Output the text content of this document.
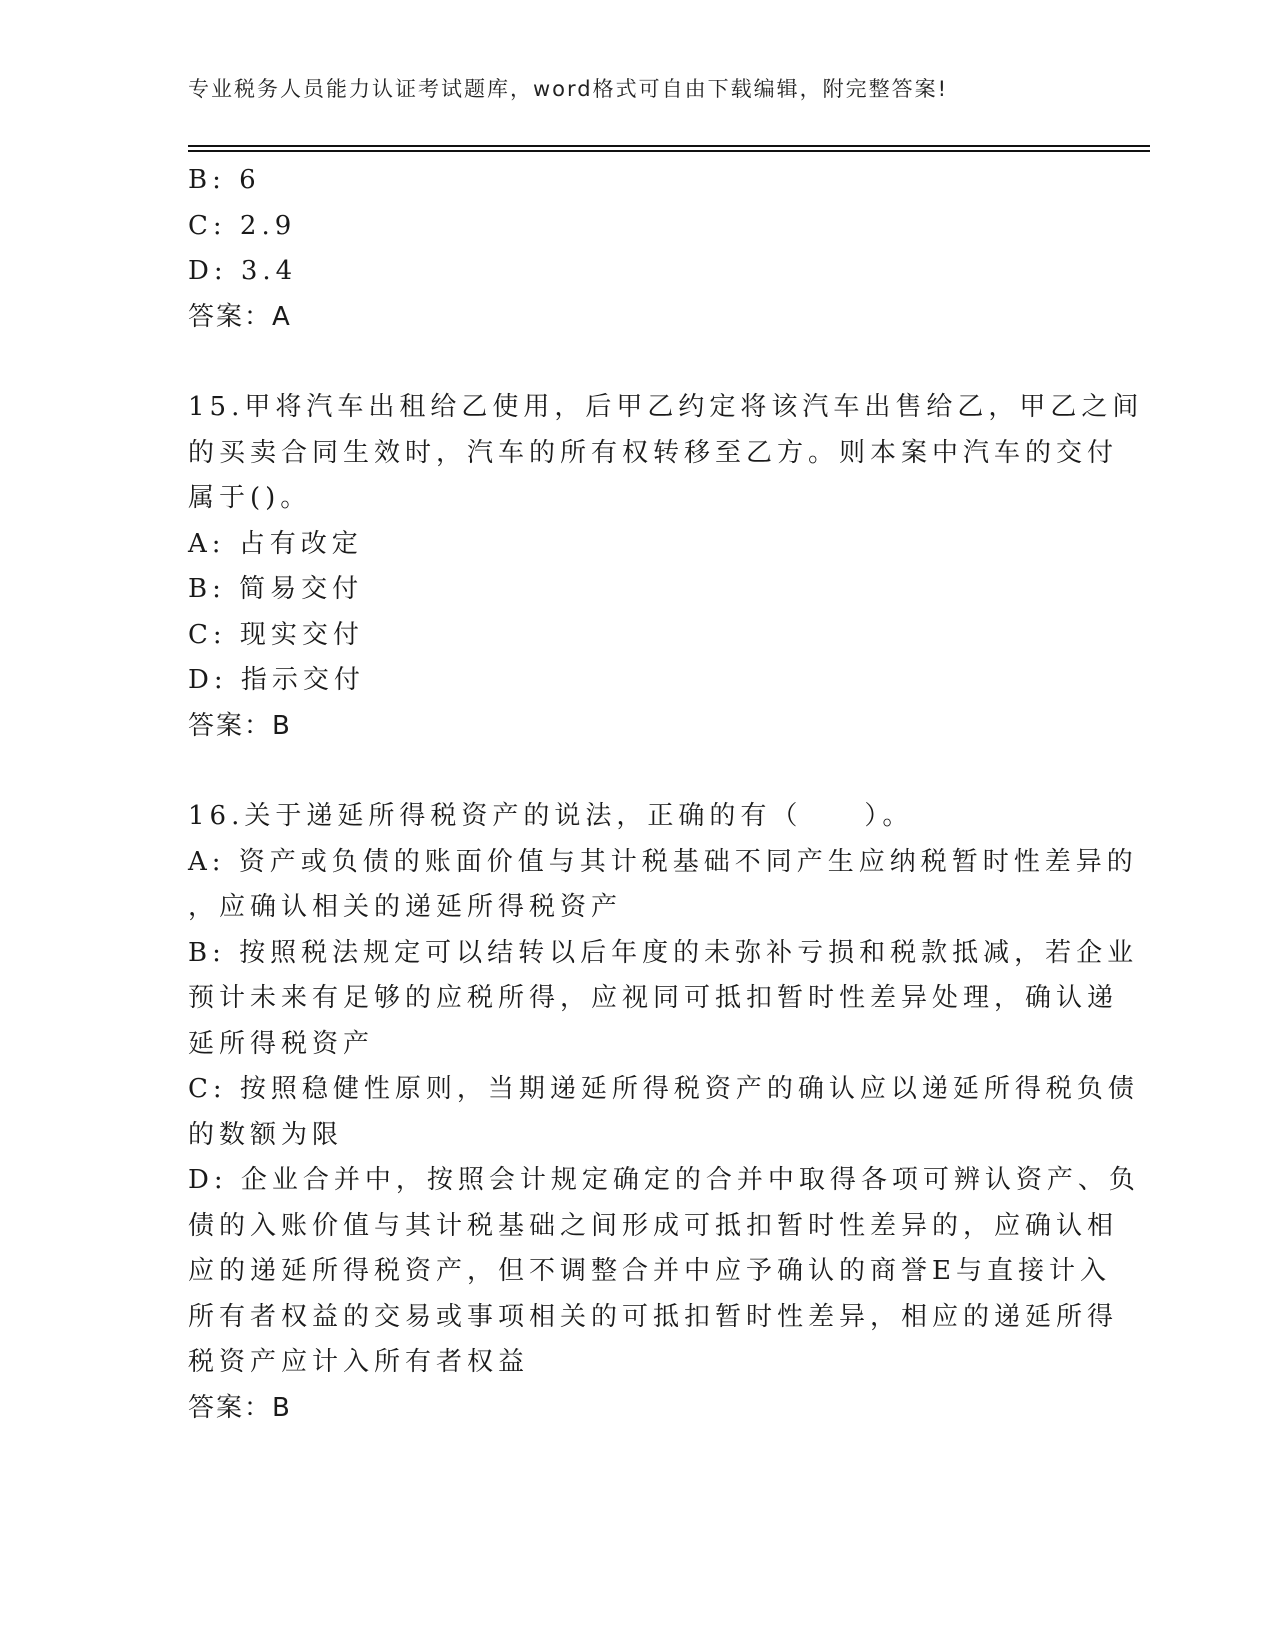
专业税务人员能力认证考试题库，word格式可自由下载编辑，附完整答案!
B: 6
C: 2.9
D: 3.4
答案：A
15.甲将汽车出租给乙使用，后甲乙约定将该汽车出售给乙，甲乙之间
的买卖合同生效时，汽车的所有权转移至乙方。则本案中汽车的交付
属于()。
A: 占有改定
B: 简易交付
C: 现实交付
D: 指示交付
答案：B
16.关于递延所得税资产的说法，正确的有（　　）。
A: 资产或负债的账面价值与其计税基础不同产生应纳税暂时性差异的
，应确认相关的递延所得税资产
B: 按照税法规定可以结转以后年度的未弥补亏损和税款抵减，若企业
预计未来有足够的应税所得，应视同可抵扣暂时性差异处理，确认递
延所得税资产
C: 按照稳健性原则，当期递延所得税资产的确认应以递延所得税负债
的数额为限
D: 企业合并中，按照会计规定确定的合并中取得各项可辨认资产、负
债的入账价值与其计税基础之间形成可抵扣暂时性差异的，应确认相
应的递延所得税资产，但不调整合并中应予确认的商誉E与直接计入
所有者权益的交易或事项相关的可抵扣暂时性差异，相应的递延所得
税资产应计入所有者权益
答案：B
